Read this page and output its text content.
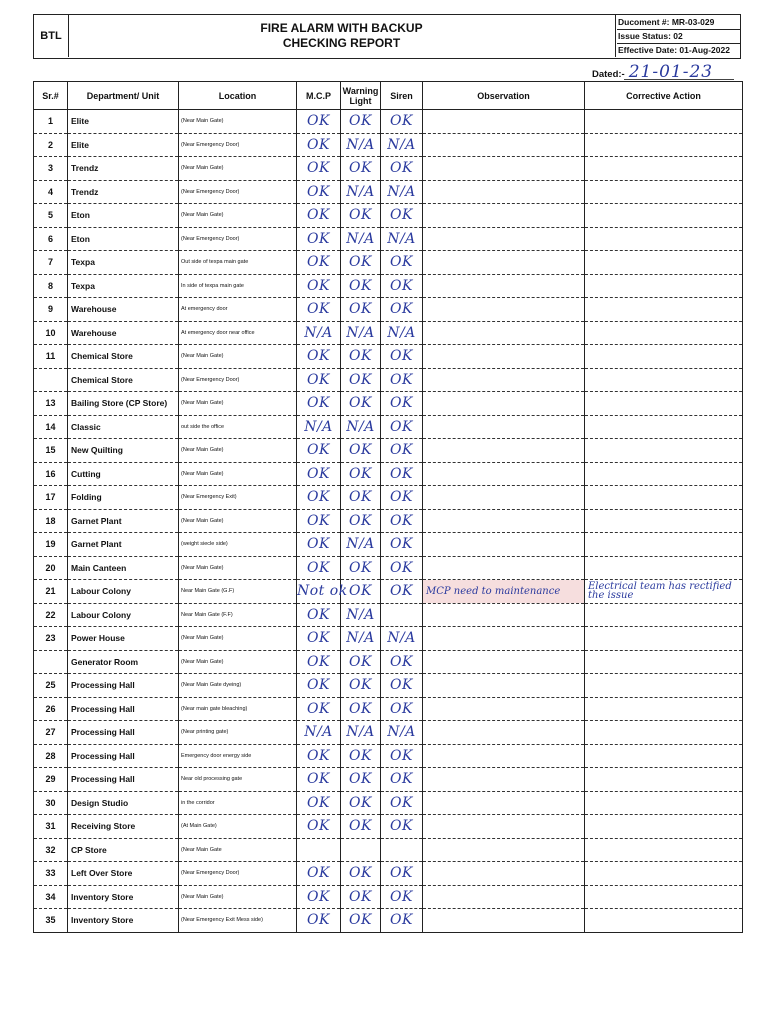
BTL
FIRE ALARM WITH BACKUP
CHECKING REPORT
Ducoment #: MR-03-029
Issue Status: 02
Effective Date: 01-Aug-2022
Dated:- 21-01-23
Sr.#	Department/ Unit	Location	M.C.P	Warning Light	Siren	Observation	Corrective Action
1	Elite	(Near Main Gate)	OK	OK	OK		
2	Elite	(Near Emergency Door)	OK	N/A	N/A		
3	Trendz	(Near Main Gate)	OK	OK	OK		
4	Trendz	(Near Emergency Door)	OK	N/A	N/A		
5	Eton	(Near Main Gate)	OK	OK	OK		
6	Eton	(Near Emergency Door)	OK	N/A	N/A		
7	Texpa	Out side of texpa main gate	OK	OK	OK		
8	Texpa	In side of texpa main gate	OK	OK	OK		
9	Warehouse	At emergency door	OK	OK	OK		
10	Warehouse	At emergency door near office	N/A	N/A	N/A		
11	Chemical Store	(Near Main Gate)	OK	OK	OK		
	Chemical Store	(Near Emergency Door)	OK	OK	OK		
13	Bailing Store (CP Store)	(Near Main Gate)	OK	OK	OK		
14	Classic	out side the office	N/A	N/A	OK		
15	New Quilting	(Near Main Gate)	OK	OK	OK		
16	Cutting	(Near Main Gate)	OK	OK	OK		
17	Folding	(Near Emergency Exit)	OK	OK	OK		
18	Garnet Plant	(Near Main Gate)	OK	OK	OK		
19	Garnet Plant	(weight siecle side)	OK	N/A	OK		
20	Main Canteen	(Near Main Gate)	OK	OK	OK		
21	Labour Colony	Near Main Gate (G.F)	Not ok	OK	OK	MCP need to maintenance	Electrical team has rectified the issue
22	Labour Colony	Near Main Gate (F.F)	OK	N/A			
23	Power House	(Near Main Gate)	OK	N/A	N/A		
	Generator Room	(Near Main Gate)	OK	OK	OK		
25	Processing Hall	(Near Main Gate dyeing)	OK	OK	OK		
26	Processing Hall	(Near main gate bleaching)	OK	OK	OK		
27	Processing Hall	(Near printing gate)	N/A	N/A	N/A		
28	Processing Hall	Emergency door energy side	OK	OK	OK		
29	Processing Hall	Near old processing gate	OK	OK	OK		
30	Design Studio	in the corridor	OK	OK	OK		
31	Receiving Store	(At Main Gate)	OK	OK	OK		
32	CP Store	(Near Main Gate					
33	Left Over Store	(Near Emergency Door)	OK	OK	OK		
34	Inventory Store	(Near Main Gate)	OK	OK	OK		
35	Inventory Store	(Near Emergency Exit Mess side)	OK	OK	OK		
